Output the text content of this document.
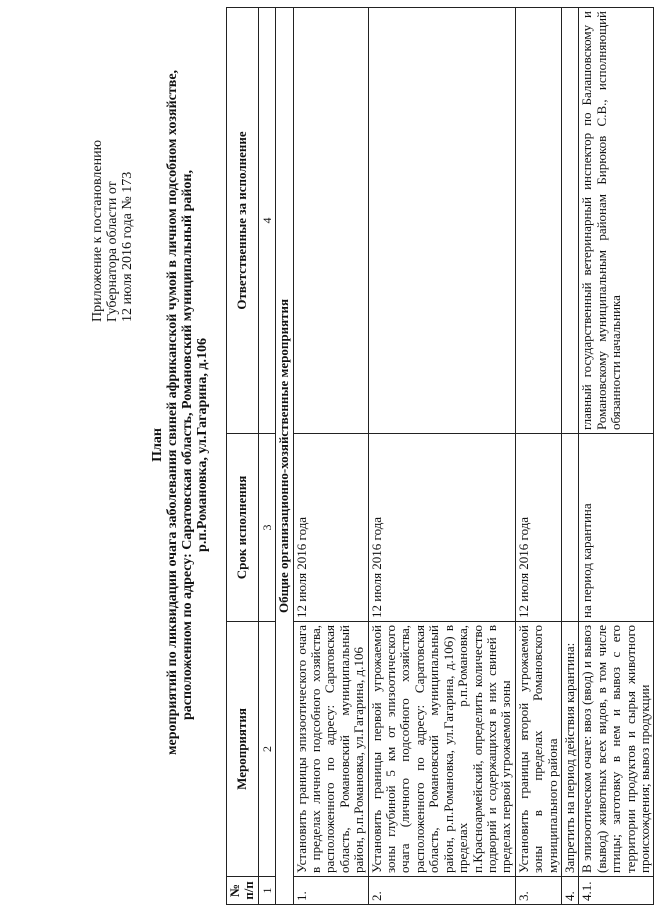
Приложение к постановлению Губернатора области от 12 июля 2016 года № 173
План мероприятий по ликвидации очага заболевания свиней африканской чумой в личном подсобном хозяйстве, расположенном по адресу: Саратовская область, Романовский муниципальный район, р.п.Романовка, ул.Гагарина, д.106
№ п/п	Мероприятия	Срок исполнения	Ответственные за исполнение
1	2	3	4
Общие организационно-хозяйственные мероприятия			
1.	Установить границы эпизоотического очага в пределах личного подсобного хозяйства, расположенного по адресу: Саратовская область, Романовский муниципальный район, р.п.Романовка, ул.Гагарина, д.106	12 июля 2016 года	
2.	Установить границы первой угрожаемой зоны глубиной 5 км от эпизоотического очага (личного подсобного хозяйства, расположенного по адресу: Саратовская область, Романовский муниципальный район, р.п.Романовка, ул.Гагарина, д.106) в пределах р.п.Романовка, п.Красноармейский, определить количество подворий и содержащихся в них свиней в пределах первой угрожаемой зоны	12 июля 2016 года	
3.	Установить границы второй угрожаемой зоны в пределах Романовского муниципального района	12 июля 2016 года	
4.	Запретить на период действия карантина:		
4.1.	В эпизоотическом очаге: ввоз (ввод) и вывоз (вывод) животных всех видов, в том числе птицы; заготовку в нем и вывоз с его территории продуктов и сырья животного происхождения; вывоз продукции	на период карантина	главный государственный ветеринарный инспектор по Балашовскому и Романовскому муниципальным районам Бирюков С.В., исполняющий обязанности начальника
